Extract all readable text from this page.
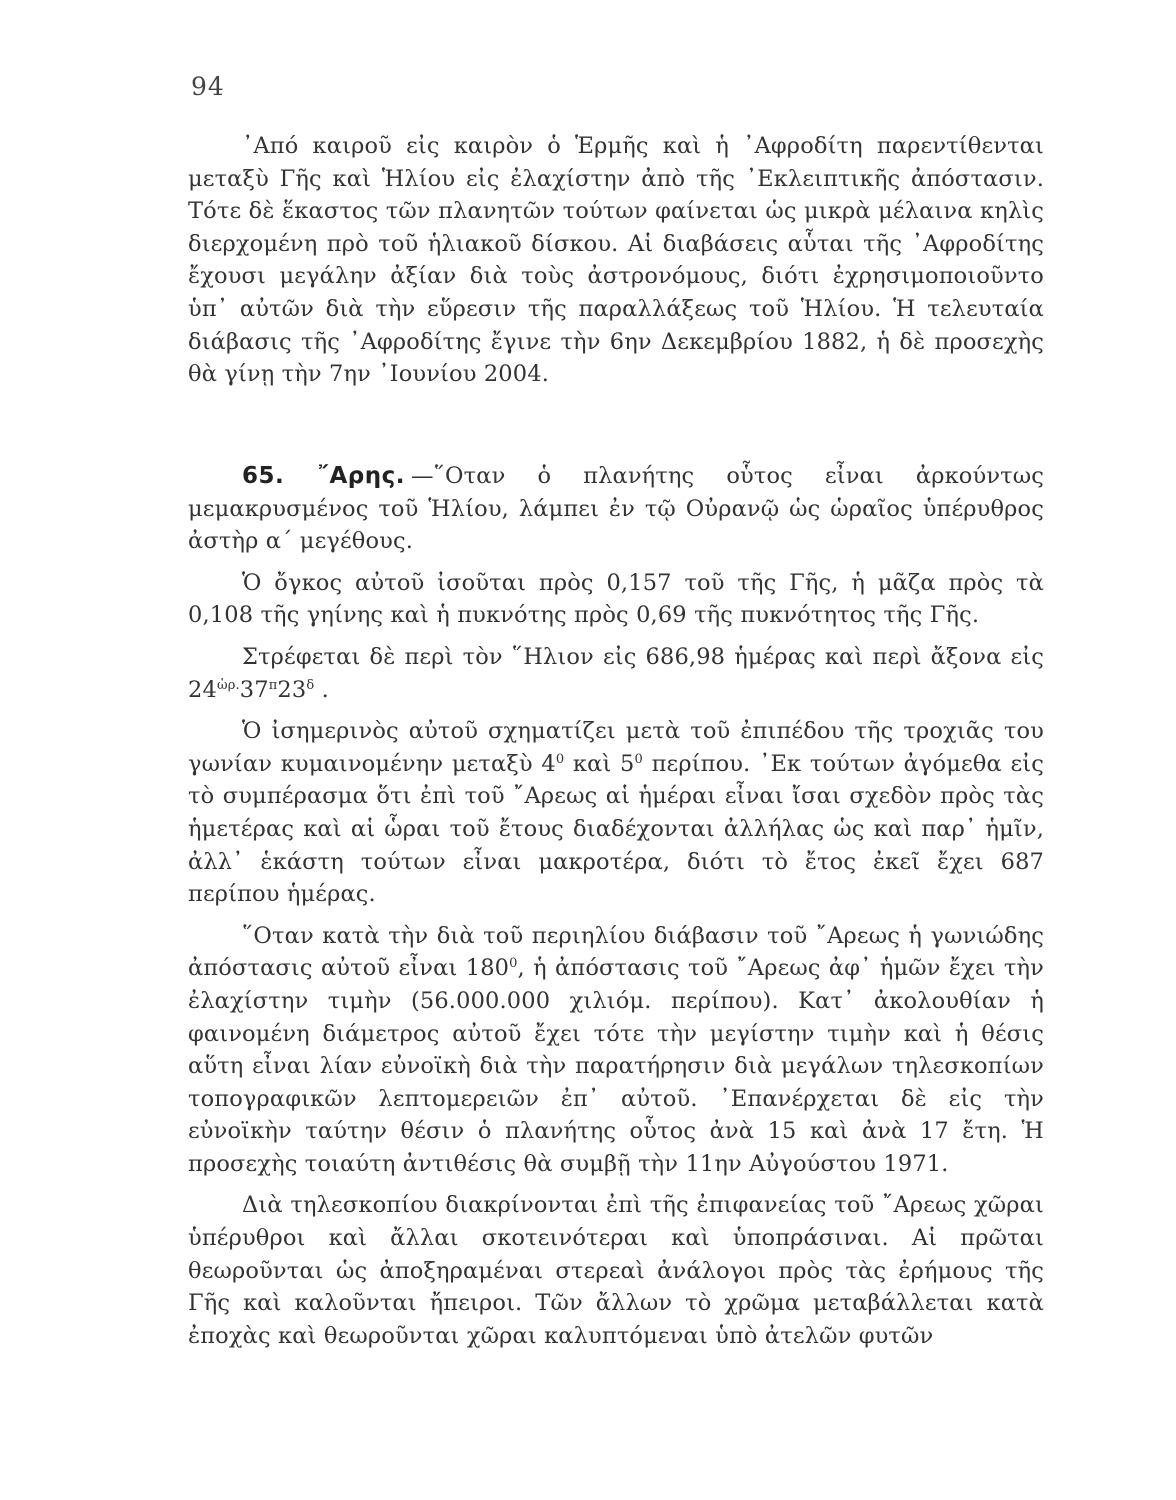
94

᾿Από καιροῦ εἰς καιρὸν ὁ Ἑρμῆς καὶ ἡ ᾿Αφροδίτη παρεντίθενται μεταξὺ Γῆς καὶ Ἡλίου εἰς ἐλαχίστην ἀπὸ τῆς ᾿Εκλειπτικῆς ἀπόστασιν. Τότε δὲ ἕκαστος τῶν πλανητῶν τούτων φαίνεται ὡς μικρὰ μέλαινα κηλὶς διερχομένη πρὸ τοῦ ἡλιακοῦ δίσκου. Αἱ διαβάσεις αὗται τῆς ᾿Αφροδίτης ἔχουσι μεγάλην ἀξίαν διὰ τοὺς ἀστρονόμους, διότι ἐχρησιμοποιοῦντο ὑπ᾿ αὐτῶν διὰ τὴν εὕρεσιν τῆς παραλλάξεως τοῦ Ἡλίου. Ἡ τελευταία διάβασις τῆς ᾿Αφροδίτης ἔγινε τὴν 6ην Δεκεμβρίου 1882, ἡ δὲ προσεχὴς θὰ γίνῃ τὴν 7ην ᾿Ιουνίου 2004.

65. ῎Αρης. —῞Οταν ὁ πλανήτης οὗτος εἶναι ἀρκούντως μεμακρυσμένος τοῦ Ἡλίου, λάμπει ἐν τῷ Οὐρανῷ ὡς ὡραῖος ὑπέρυθρος ἀστὴρ α´ μεγέθους.

Ὁ ὄγκος αὐτοῦ ἰσοῦται πρὸς 0,157 τοῦ τῆς Γῆς, ἡ μᾶζα πρὸς τὰ 0,108 τῆς γηίνης καὶ ἡ πυκνότης πρὸς 0,69 τῆς πυκνότητος τῆς Γῆς.

Στρέφεται δὲ περὶ τὸν ῞Ηλιον εἰς 686,98 ἡμέρας καὶ περὶ ἄξονα εἰς $24^{ὡ\rho.}37^\pi 23^\delta$ .

Ὁ ἰσημερινὸς αὐτοῦ σχηματίζει μετὰ τοῦ ἐπιπέδου τῆς τροχιᾶς του γωνίαν κυμαινομένην μεταξὺ $4^0$ καὶ $5^0$ περίπου. ᾿Εκ τούτων ἀγόμεθα εἰς τὸ συμπέρασμα ὅτι ἐπὶ τοῦ ῎Αρεως αἱ ἡμέραι εἶναι ἴσαι σχεδὸν πρὸς τὰς ἡμετέρας καὶ αἱ ὧραι τοῦ ἔτους διαδέχονται ἀλλήλας ὡς καὶ παρ᾿ ἡμῖν, ἀλλ᾿ ἑκάστη τούτων εἶναι μακροτέρα, διότι τὸ ἔτος ἐκεῖ ἔχει 687 περίπου ἡμέρας.

῞Οταν κατὰ τὴν διὰ τοῦ περιηλίου διάβασιν τοῦ ῎Αρεως ἡ γωνιώδης ἀπόστασις αὐτοῦ εἶναι $180^0$, ἡ ἀπόστασις τοῦ ῎Αρεως ἀφ᾿ ἡμῶν ἔχει τὴν ἐλαχίστην τιμὴν (56.000.000 χιλιόμ. περίπου). Κατ᾿ ἀκολουθίαν ἡ φαινομένη διάμετρος αὐτοῦ ἔχει τότε τὴν μεγίστην τιμὴν καὶ ἡ θέσις αὕτη εἶναι λίαν εὐνοϊκὴ διὰ τὴν παρατήρησιν διὰ μεγάλων τηλεσκοπίων τοπογραφικῶν λεπτομερειῶν ἐπ᾿ αὐτοῦ. ᾿Επανέρχεται δὲ εἰς τὴν εὐνοϊκὴν ταύτην θέσιν ὁ πλανήτης οὗτος ἀνὰ 15 καὶ ἀνὰ 17 ἔτη. Ἡ προσεχὴς τοιαύτη ἀντιθέσις θὰ συμβῇ τὴν 11ην Αὐγούστου 1971.

Διὰ τηλεσκοπίου διακρίνονται ἐπὶ τῆς ἐπιφανείας τοῦ ῎Αρεως χῶραι ὑπέρυθροι καὶ ἄλλαι σκοτεινότεραι καὶ ὑποπράσιναι. Αἱ πρῶται θεωροῦνται ὡς ἀποξηραμέναι στερεαὶ ἀνάλογοι πρὸς τὰς ἐρήμους τῆς Γῆς καὶ καλοῦνται ἤπειροι. Τῶν ἄλλων τὸ χρῶμα μεταβάλλεται κατὰ ἐποχὰς καὶ θεωροῦνται χῶραι καλυπτόμεναι ὑπὸ ἀτελῶν φυτῶν
